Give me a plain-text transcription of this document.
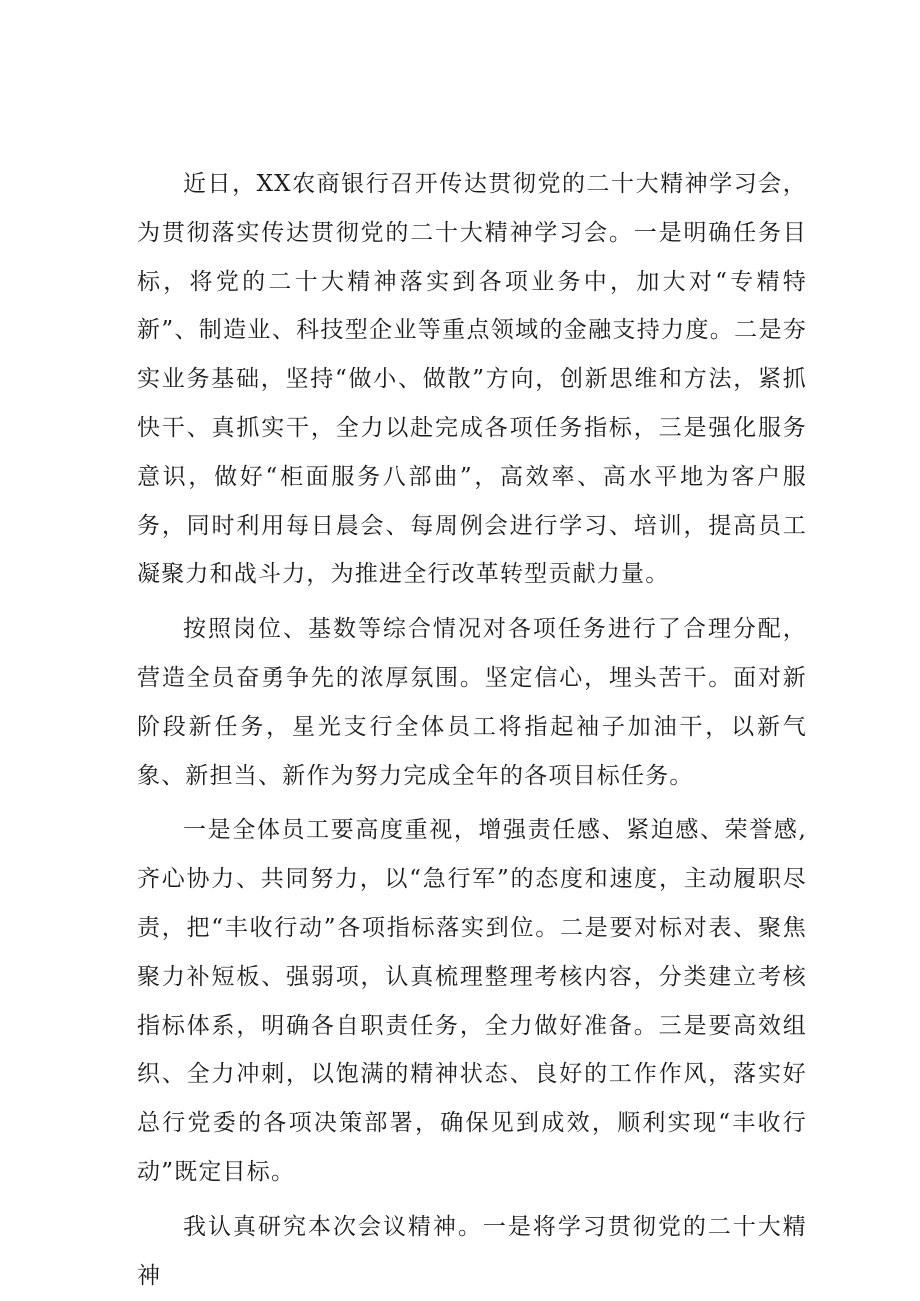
近日，XX农商银行召开传达贯彻党的二十大精神学习会，为贯彻落实传达贯彻党的二十大精神学习会。一是明确任务目标，将党的二十大精神落实到各项业务中，加大对“专精特新”、制造业、科技型企业等重点领域的金融支持力度。二是夯实业务基础，坚持“做小、做散”方向，创新思维和方法，紧抓快干、真抓实干，全力以赴完成各项任务指标，三是强化服务意识，做好“柜面服务八部曲”，高效率、高水平地为客户服务，同时利用每日晨会、每周例会进行学习、培训，提高员工凝聚力和战斗力，为推进全行改革转型贡献力量。

按照岗位、基数等综合情况对各项任务进行了合理分配，营造全员奋勇争先的浓厚氛围。坚定信心，埋头苦干。面对新阶段新任务，星光支行全体员工将指起袖子加油干，以新气象、新担当、新作为努力完成全年的各项目标任务。

一是全体员工要高度重视，增强责任感、紧迫感、荣誉感,齐心协力、共同努力，以“急行军”的态度和速度，主动履职尽责，把“丰收行动”各项指标落实到位。二是要对标对表、聚焦聚力补短板、强弱项，认真梳理整理考核内容，分类建立考核指标体系，明确各自职责任务，全力做好准备。三是要高效组织、全力冲刺，以饱满的精神状态、良好的工作作风，落实好总行党委的各项决策部署，确保见到成效，顺利实现“丰收行动”既定目标。

我认真研究本次会议精神。一是将学习贯彻党的二十大精神
